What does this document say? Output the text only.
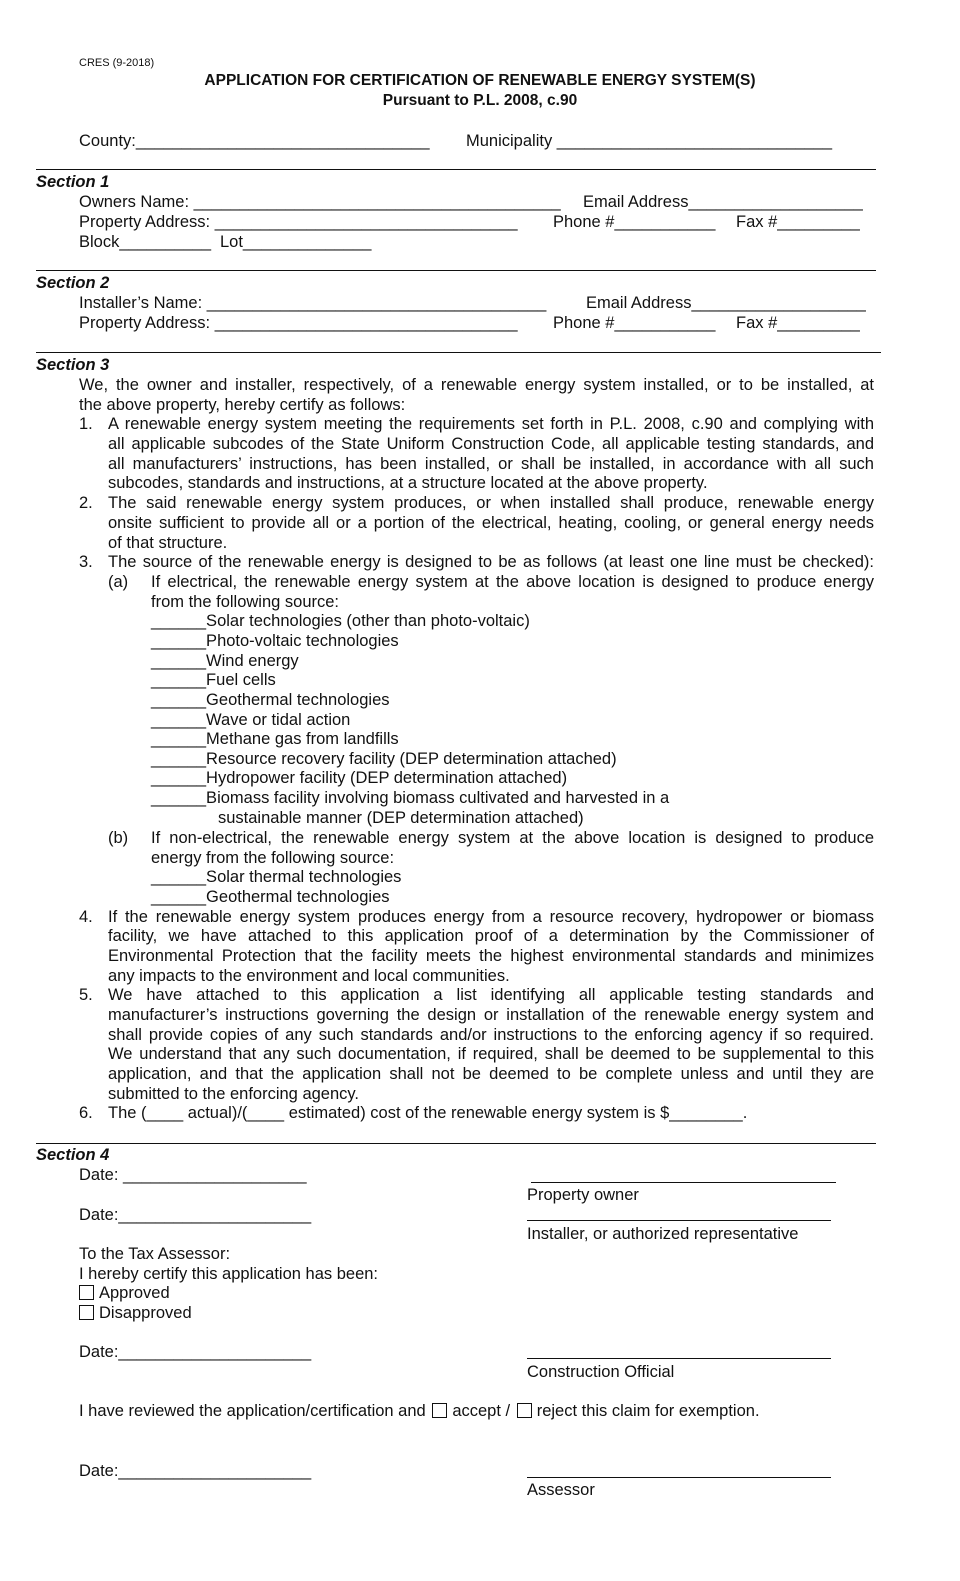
CRES (9-2018)
APPLICATION FOR CERTIFICATION OF RENEWABLE ENERGY SYSTEM(S)
Pursuant to P.L. 2008, c.90
County:________________________________ Municipality ______________________________
Section 1
Owners Name: ________________________________________ Email Address___________________
Property Address: _________________________________ Phone #___________ Fax #_________
Block__________ Lot______________
Section 2
Installer’s Name: _____________________________________ Email Address___________________
Property Address: _________________________________ Phone #___________ Fax #_________
Section 3
We, the owner and installer, respectively, of a renewable energy system installed, or to be installed, at
the above property, hereby certify as follows:
1. A renewable energy system meeting the requirements set forth in P.L. 2008, c.90 and complying with
all applicable subcodes of the State Uniform Construction Code, all applicable testing standards, and
all manufacturers’ instructions, has been installed, or shall be installed, in accordance with all such
subcodes, standards and instructions, at a structure located at the above property.
2. The said renewable energy system produces, or when installed shall produce, renewable energy
onsite sufficient to provide all or a portion of the electrical, heating, cooling, or general energy needs
of that structure.
3. The source of the renewable energy is designed to be as follows (at least one line must be checked):
(a) If electrical, the renewable energy system at the above location is designed to produce energy
from the following source:
______Solar technologies (other than photo-voltaic)
______Photo-voltaic technologies
______Wind energy
______Fuel cells
______Geothermal technologies
______Wave or tidal action
______Methane gas from landfills
______Resource recovery facility (DEP determination attached)
______Hydropower facility (DEP determination attached)
______Biomass facility involving biomass cultivated and harvested in a
sustainable manner (DEP determination attached)
(b) If non-electrical, the renewable energy system at the above location is designed to produce
energy from the following source:
______Solar thermal technologies
______Geothermal technologies
4. If the renewable energy system produces energy from a resource recovery, hydropower or biomass
facility, we have attached to this application proof of a determination by the Commissioner of
Environmental Protection that the facility meets the highest environmental standards and minimizes
any impacts to the environment and local communities.
5. We have attached to this application a list identifying all applicable testing standards and
manufacturer’s instructions governing the design or installation of the renewable energy system and
shall provide copies of any such standards and/or instructions to the enforcing agency if so required.
We understand that any such documentation, if required, shall be deemed to be supplemental to this
application, and that the application shall not be deemed to be complete unless and until they are
submitted to the enforcing agency.
6. The (____ actual)/(____ estimated) cost of the renewable energy system is $________.
Section 4
Date: ____________________
Property owner
Date:_____________________
Installer, or authorized representative
To the Tax Assessor:
I hereby certify this application has been:
Approved
Disapproved
Date:_____________________
Construction Official
I have reviewed the application/certification and accept / reject this claim for exemption.
Date:_____________________
Assessor
